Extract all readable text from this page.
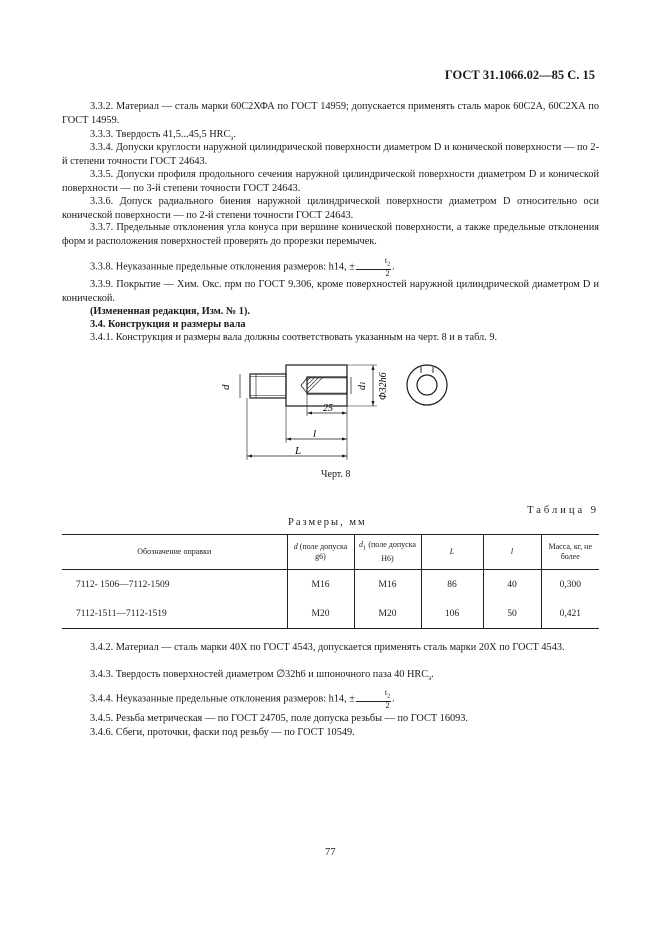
ГОСТ 31.1066.02—85 С. 15
3.3.2. Материал — сталь марки 60С2ХФА по ГОСТ 14959; допускается применять сталь марок 60С2А, 60С2ХА по ГОСТ 14959.
3.3.3. Твердость 41,5...45,5 $HRC_э$.
3.3.4. Допуски круглости наружной цилиндрической поверхности диаметром D и конической поверхности — по 2-й степени точности ГОСТ 24643.
3.3.5. Допуски профиля продольного сечения наружной цилиндрической поверхности диаметром D и конической поверхности — по 3-й степени точности ГОСТ 24643.
3.3.6. Допуск радиального биения наружной цилиндрической поверхности диаметром D относительно оси конической поверхности — по 2-й степени точности ГОСТ 24643.
3.3.7. Предельные отклонения угла конуса при вершине конической поверхности, а также предельные отклонения форм и расположения поверхностей проверять до прорезки перемычек.
3.3.8. Неуказанные предельные отклонения размеров: h14, ± $\frac{t_2}{2}$ .
3.3.9. Покрытие — Хим. Окс. прм по ГОСТ 9.306, кроме поверхностей наружной цилиндрической диаметром D и конической.
(Измененная редакция, Изм. № 1).
3.4. Конструкция и размеры вала
3.4.1. Конструкция и размеры вала должны соответствовать указанным на черт. 8 и в табл. 9.
d	d1 Φ32h6
25
l
L
Черт. 8
Таблица 9
Размеры, мм
Обозначение оправки	d (поле допуска g6)	$d_1$ (поле допуска H6)	L	l	Масса, кг, не более
7112- 1506—7112-1509	М16	М16	86	40	0,300
7112-1511—7112-1519	М20	М20	106	50	0,421
3.4.2. Материал — сталь марки 40Х по ГОСТ 4543, допускается применять сталь марки 20Х по ГОСТ 4543.
3.4.3. Твердость поверхностей диаметром ∅32h6 и шпоночного паза 40 $HRC_э$.
3.4.4. Неуказанные предельные отклонения размеров: h14, ± $\frac{t_2}{2}$ .
3.4.5. Резьба метрическая — по ГОСТ 24705, поле допуска резьбы — по ГОСТ 16093.
3.4.6. Сбеги, проточки, фаски под резьбу — по ГОСТ 10549.
77
